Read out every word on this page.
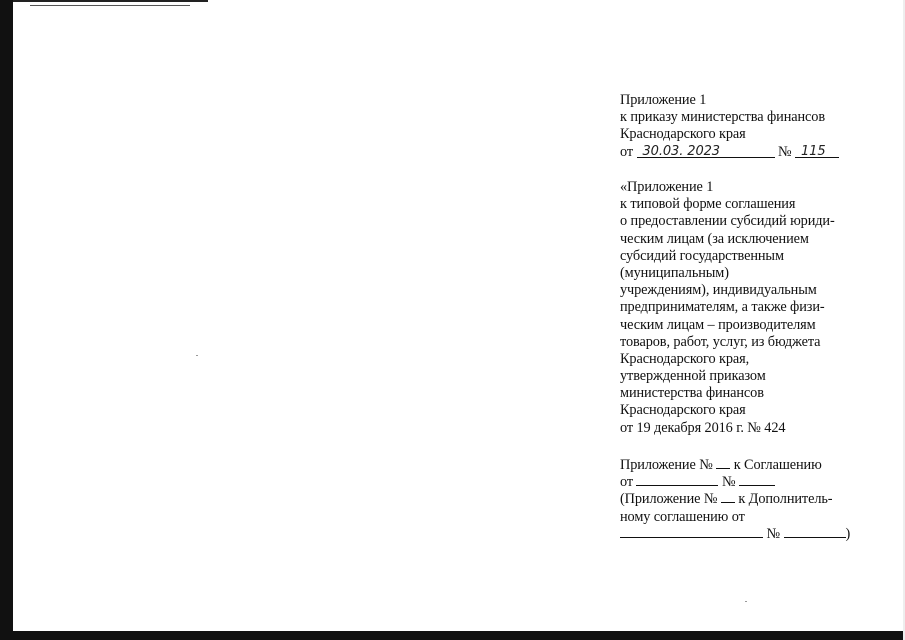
Приложение 1
к приказу министерства финансов
Краснодарского края
от 30.03. 2023	№ 115
«Приложение 1
к типовой форме соглашения
о предоставлении субсидий юриди-
ческим лицам (за исключением
субсидий государственным
(муниципальным)
учреждениям), индивидуальным
предпринимателям, а также физи-
ческим лицам – производителям
товаров, работ, услуг, из бюджета
Краснодарского края,
утвержденной приказом
министерства финансов
Краснодарского края
от 19 декабря 2016 г. № 424
Приложение №  к Соглашению
от	№
(Приложение №  к Дополнитель-
ному соглашению от
№	)
